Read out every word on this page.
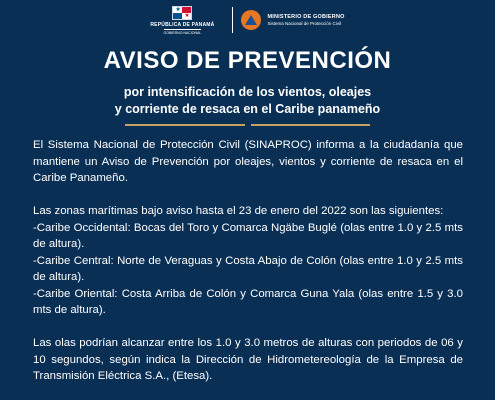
★
★
REPÚBLICA DE PANAMÁ
GOBIERNO NACIONAL
MINISTERIO DE GOBIERNO
Sistema Nacional de Protección Civil
AVISO DE PREVENCIÓN
por intensificación de los vientos, oleajes
y corriente de resaca en el Caribe panameño

El Sistema Nacional de Protección Civil (SINAPROC) informa a la ciudadanía que mantiene un Aviso de Prevención por oleajes, vientos y corriente de resaca en el Caribe Panameño.

Las zonas marítimas bajo aviso hasta el 23 de enero del 2022 son las siguientes:

-Caribe Occidental: Bocas del Toro y Comarca Ngäbe Buglé (olas entre 1.0 y 2.5 mts de altura).

-Caribe Central: Norte de Veraguas y Costa Abajo de Colón (olas entre 1.0 y 2.5 mts de altura).

-Caribe Oriental: Costa Arriba de Colón y Comarca Guna Yala (olas entre 1.5 y 3.0 mts de altura).

Las olas podrían alcanzar entre los 1.0 y 3.0 metros de alturas con periodos de 06 y 10 segundos, según indica la Dirección de Hidrometereología de la Empresa de Transmisión Eléctrica S.A., (Etesa).
